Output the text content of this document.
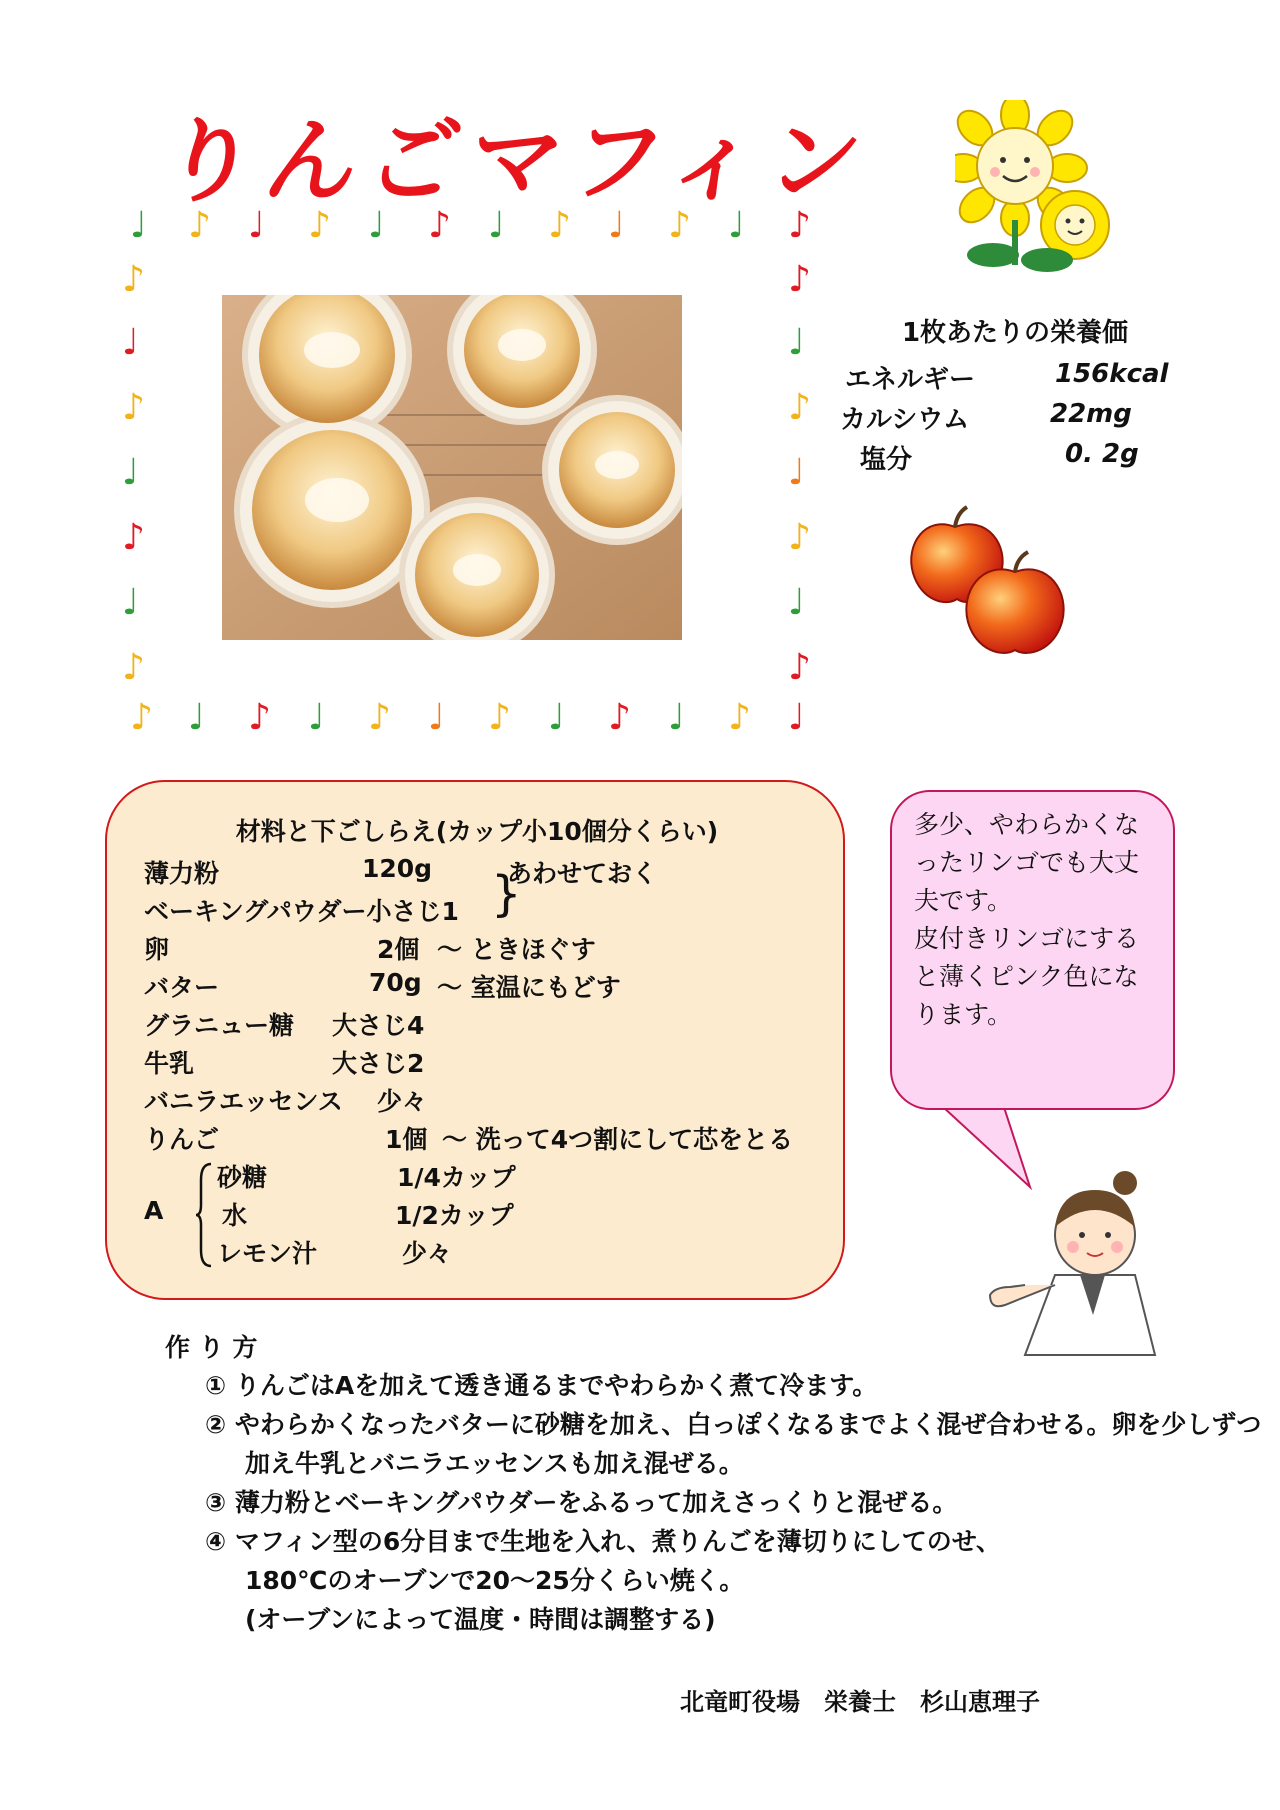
りんごマフィン
♩
♪
♪
♩
♩
♪
♪
♩
♩
♪
♪
♩
♩
♪
♪
♩
♩
♪
♪
♩
♩
♪
♪
♩
♪	♪
♩	♩
♪	♪
♩	♩
♪	♪
♩	♩
♪	♪
1枚あたりの栄養価
エネルギー	156kcal
カルシウム	22mg
塩分	0. 2g
材料と下ごしらえ(カップ小10個分くらい)
薄力粉	120g	あわせておく
ベーキングパウダー小さじ1 }
卵	2個 ～ ときほぐす
バター	70g ～ 室温にもどす
グラニュー糖 大さじ4
牛乳	大さじ2
バニラエッセンス 少々
りんご	1個 ～ 洗って4つ割にして芯をとる
A
砂糖	1/4カップ
水	1/2カップ
レモン汁	少々
多少、やわらかくなったリンゴでも大丈夫です。
皮付きリンゴにすると薄くピンク色になります。
作 り 方
① りんごはAを加えて透き通るまでやわらかく煮て冷ます。
② やわらかくなったバターに砂糖を加え、白っぽくなるまでよく混ぜ合わせる。卵を少しずつ
加え牛乳とバニラエッセンスも加え混ぜる。
③ 薄力粉とベーキングパウダーをふるって加えさっくりと混ぜる。
④ マフィン型の6分目まで生地を入れ、煮りんごを薄切りにしてのせ、
180℃のオーブンで20～25分くらい焼く。
(オーブンによって温度・時間は調整する)
北竜町役場　栄養士　杉山恵理子
